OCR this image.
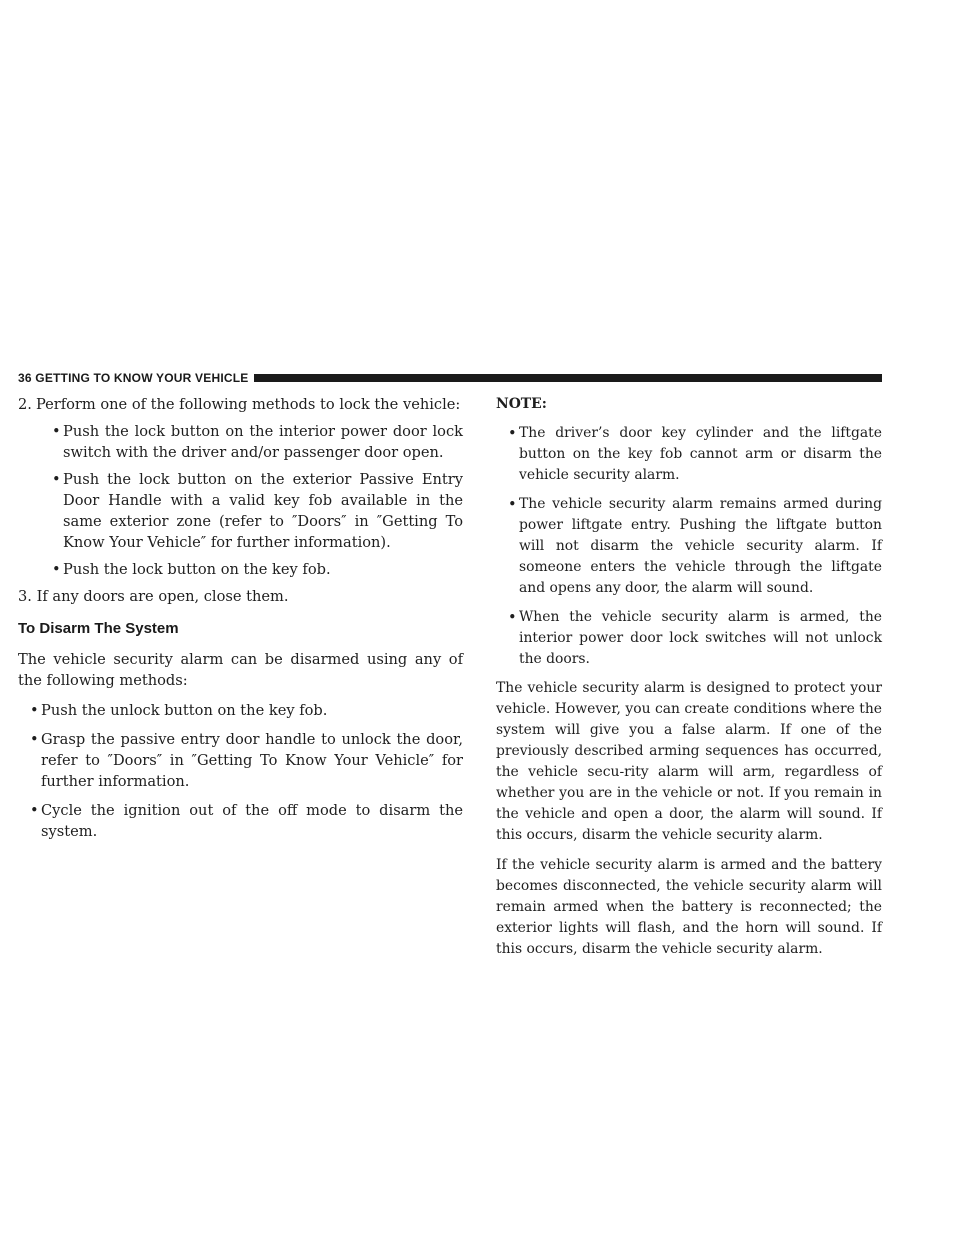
36 GETTING TO KNOW YOUR VEHICLE
2. Perform one of the following methods to lock the vehicle:
• Push the lock button on the interior power door lock switch with the driver and/or passenger door open.
• Push the lock button on the exterior Passive Entry Door Handle with a valid key fob available in the same exterior zone (refer to ″Doors″ in ″Getting To Know Your Vehicle″ for further information).
• Push the lock button on the key fob.

3. If any doors are open, close them.

To Disarm The System

The vehicle security alarm can be disarmed using any of the following methods:

• Push the unlock button on the key fob.
• Grasp the passive entry door handle to unlock the door, refer to ″Doors″ in ″Getting To Know Your Vehicle″ for further information.
• Cycle the ignition out of the off mode to disarm the system.

NOTE:

• The driver’s door key cylinder and the liftgate button on the key fob cannot arm or disarm the vehicle security alarm.
• The vehicle security alarm remains armed during power liftgate entry. Pushing the liftgate button will not disarm the vehicle security alarm. If someone enters the vehicle through the liftgate and opens any door, the alarm will sound.
• When the vehicle security alarm is armed, the interior power door lock switches will not unlock the doors.

The vehicle security alarm is designed to protect your vehicle. However, you can create conditions where the system will give you a false alarm. If one of the previously described arming sequences has occurred, the vehicle secu-rity alarm will arm, regardless of whether you are in the vehicle or not. If you remain in the vehicle and open a door, the alarm will sound. If this occurs, disarm the vehicle security alarm.

If the vehicle security alarm is armed and the battery becomes disconnected, the vehicle security alarm will remain armed when the battery is reconnected; the exterior lights will flash, and the horn will sound. If this occurs, disarm the vehicle security alarm.
